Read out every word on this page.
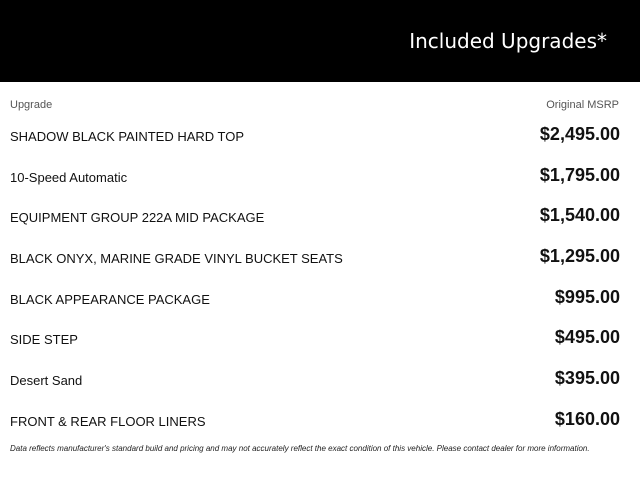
Included Upgrades*
Upgrade	Original MSRP
SHADOW BLACK PAINTED HARD TOP	$2,495.00
10-Speed Automatic	$1,795.00
EQUIPMENT GROUP 222A MID PACKAGE	$1,540.00
BLACK ONYX, MARINE GRADE VINYL BUCKET SEATS	$1,295.00
BLACK APPEARANCE PACKAGE	$995.00
SIDE STEP	$495.00
Desert Sand	$395.00
FRONT & REAR FLOOR LINERS	$160.00
Data reflects manufacturer's standard build and pricing and may not accurately reflect the exact condition of this vehicle. Please contact dealer for more information.
